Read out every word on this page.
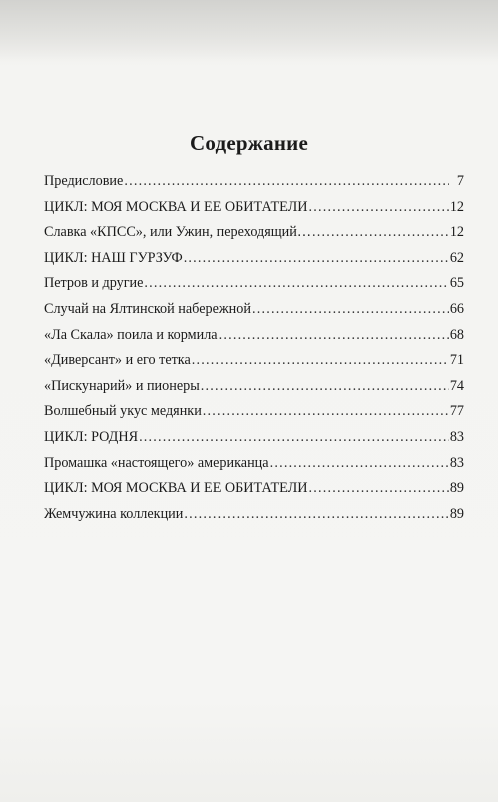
Содержание
Предисловие .....	7
ЦИКЛ: МОЯ МОСКВА И ЕЕ ОБИТАТЕЛИ .....	12
Славка «КПСС», или Ужин, переходящий… .....	12
ЦИКЛ: НАШ ГУРЗУФ .....	62
Петров и другие .....	65
Случай на Ялтинской набережной .....	66
«Ла Скала» поила и кормила .....	68
«Диверсант» и его тетка .....	71
«Пискунарий» и пионеры .....	74
Волшебный укус медянки .....	77
ЦИКЛ: РОДНЯ .....	83
Промашка «настоящего» американца .....	83
ЦИКЛ: МОЯ МОСКВА И ЕЕ ОБИТАТЕЛИ .....	89
Жемчужина коллекции .....	89
